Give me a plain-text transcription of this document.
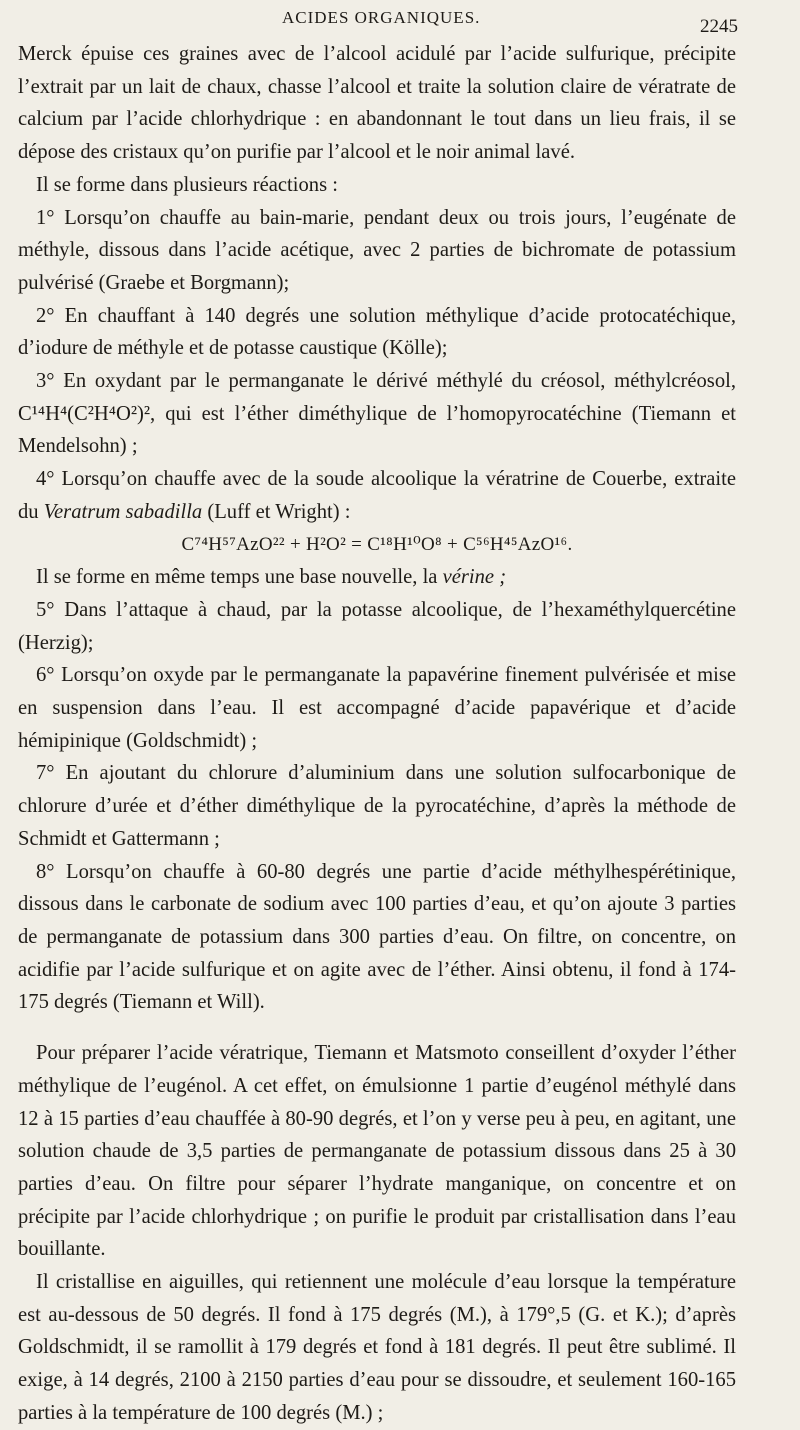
ACIDES ORGANIQUES.	2245

Merck épuise ces graines avec de l’alcool acidulé par l’acide sulfurique, précipite l’extrait par un lait de chaux, chasse l’alcool et traite la solution claire de vératrate de calcium par l’acide chlorhydrique : en abandonnant le tout dans un lieu frais, il se dépose des cristaux qu’on purifie par l’alcool et le noir animal lavé.

Il se forme dans plusieurs réactions :

1° Lorsqu’on chauffe au bain-marie, pendant deux ou trois jours, l’eugénate de méthyle, dissous dans l’acide acétique, avec 2 parties de bichromate de potassium pulvérisé (Graebe et Borgmann);

2° En chauffant à 140 degrés une solution méthylique d’acide protocatéchique, d’iodure de méthyle et de potasse caustique (Kölle);

3° En oxydant par le permanganate le dérivé méthylé du créosol, méthylcréosol, C¹⁴H⁴(C²H⁴O²)², qui est l’éther diméthylique de l’homopyrocatéchine (Tiemann et Mendelsohn) ;

4° Lorsqu’on chauffe avec de la soude alcoolique la vératrine de Couerbe, extraite du Veratrum sabadilla (Luff et Wright) :

C⁷⁴H⁵⁷AzO²² + H²O² = C¹⁸H¹⁰O⁸ + C⁵⁶H⁴⁵AzO¹⁶.

Il se forme en même temps une base nouvelle, la vérine ;

5° Dans l’attaque à chaud, par la potasse alcoolique, de l’hexaméthylquercétine (Herzig);

6° Lorsqu’on oxyde par le permanganate la papavérine finement pulvérisée et mise en suspension dans l’eau. Il est accompagné d’acide papavérique et d’acide hémipinique (Goldschmidt) ;

7° En ajoutant du chlorure d’aluminium dans une solution sulfocarbonique de chlorure d’urée et d’éther diméthylique de la pyrocatéchine, d’après la méthode de Schmidt et Gattermann ;

8° Lorsqu’on chauffe à 60-80 degrés une partie d’acide méthylhespérétinique, dissous dans le carbonate de sodium avec 100 parties d’eau, et qu’on ajoute 3 parties de permanganate de potassium dans 300 parties d’eau. On filtre, on concentre, on acidifie par l’acide sulfurique et on agite avec de l’éther. Ainsi obtenu, il fond à 174-175 degrés (Tiemann et Will).

Pour préparer l’acide vératrique, Tiemann et Matsmoto conseillent d’oxyder l’éther méthylique de l’eugénol. A cet effet, on émulsionne 1 partie d’eugénol méthylé dans 12 à 15 parties d’eau chauffée à 80-90 degrés, et l’on y verse peu à peu, en agitant, une solution chaude de 3,5 parties de permanganate de potassium dissous dans 25 à 30 parties d’eau. On filtre pour séparer l’hydrate manganique, on concentre et on précipite par l’acide chlorhydrique ; on purifie le produit par cristallisation dans l’eau bouillante.

Il cristallise en aiguilles, qui retiennent une molécule d’eau lorsque la température est au-dessous de 50 degrés. Il fond à 175 degrés (M.), à 179°,5 (G. et K.); d’après Goldschmidt, il se ramollit à 179 degrés et fond à 181 degrés. Il peut être sublimé. Il exige, à 14 degrés, 2100 à 2150 parties d’eau pour se dissoudre, et seulement 160-165 parties à la température de 100 degrés (M.) ;
